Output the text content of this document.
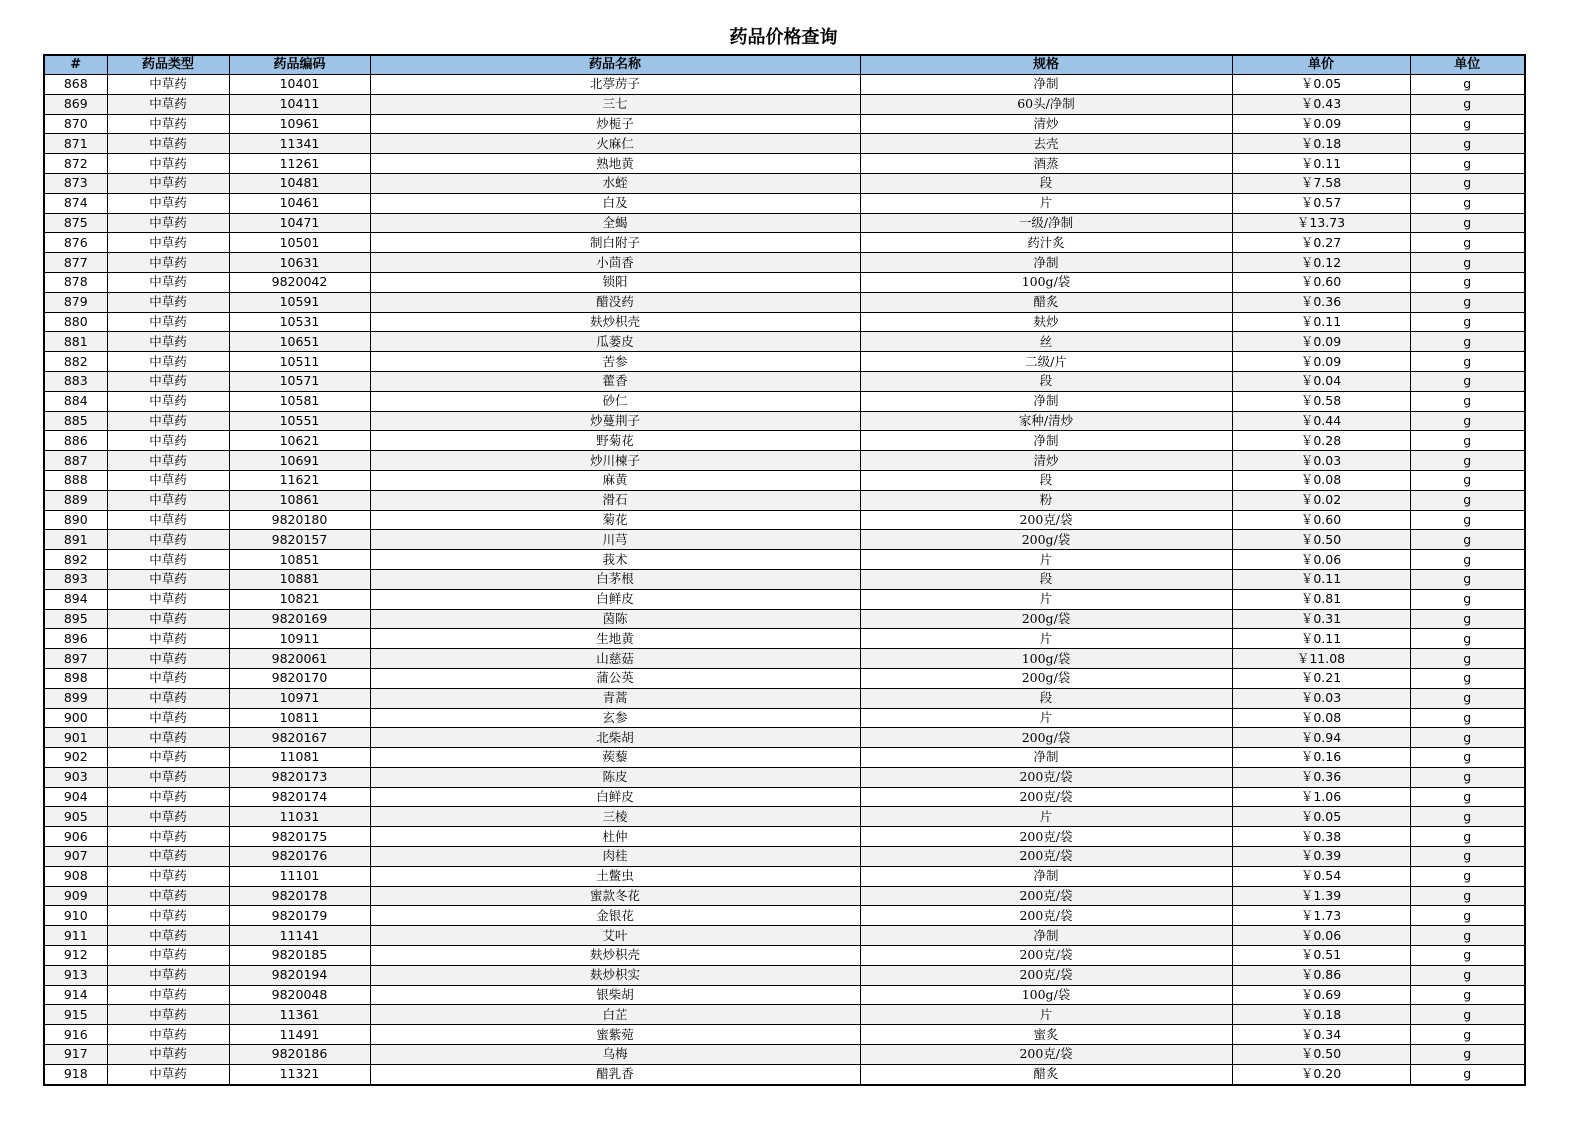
药品价格查询
#	药品类型	药品编码	药品名称	规格	单价	单位
868	中草药	10401	北葶苈子	净制	￥0.05	g
869	中草药	10411	三七	60头/净制	￥0.43	g
870	中草药	10961	炒栀子	清炒	￥0.09	g
871	中草药	11341	火麻仁	去壳	￥0.18	g
872	中草药	11261	熟地黄	酒蒸	￥0.11	g
873	中草药	10481	水蛭	段	￥7.58	g
874	中草药	10461	白及	片	￥0.57	g
875	中草药	10471	全蝎	一级/净制	￥13.73	g
876	中草药	10501	制白附子	药汁炙	￥0.27	g
877	中草药	10631	小茴香	净制	￥0.12	g
878	中草药	9820042	锁阳	100g/袋	￥0.60	g
879	中草药	10591	醋没药	醋炙	￥0.36	g
880	中草药	10531	麸炒枳壳	麸炒	￥0.11	g
881	中草药	10651	瓜蒌皮	丝	￥0.09	g
882	中草药	10511	苦参	二级/片	￥0.09	g
883	中草药	10571	藿香	段	￥0.04	g
884	中草药	10581	砂仁	净制	￥0.58	g
885	中草药	10551	炒蔓荆子	家种/清炒	￥0.44	g
886	中草药	10621	野菊花	净制	￥0.28	g
887	中草药	10691	炒川楝子	清炒	￥0.03	g
888	中草药	11621	麻黄	段	￥0.08	g
889	中草药	10861	滑石	粉	￥0.02	g
890	中草药	9820180	菊花	200克/袋	￥0.60	g
891	中草药	9820157	川芎	200g/袋	￥0.50	g
892	中草药	10851	莪术	片	￥0.06	g
893	中草药	10881	白茅根	段	￥0.11	g
894	中草药	10821	白鲜皮	片	￥0.81	g
895	中草药	9820169	茵陈	200g/袋	￥0.31	g
896	中草药	10911	生地黄	片	￥0.11	g
897	中草药	9820061	山慈菇	100g/袋	￥11.08	g
898	中草药	9820170	蒲公英	200g/袋	￥0.21	g
899	中草药	10971	青蒿	段	￥0.03	g
900	中草药	10811	玄参	片	￥0.08	g
901	中草药	9820167	北柴胡	200g/袋	￥0.94	g
902	中草药	11081	蒺藜	净制	￥0.16	g
903	中草药	9820173	陈皮	200克/袋	￥0.36	g
904	中草药	9820174	白鲜皮	200克/袋	￥1.06	g
905	中草药	11031	三棱	片	￥0.05	g
906	中草药	9820175	杜仲	200克/袋	￥0.38	g
907	中草药	9820176	肉桂	200克/袋	￥0.39	g
908	中草药	11101	土鳖虫	净制	￥0.54	g
909	中草药	9820178	蜜款冬花	200克/袋	￥1.39	g
910	中草药	9820179	金银花	200克/袋	￥1.73	g
911	中草药	11141	艾叶	净制	￥0.06	g
912	中草药	9820185	麸炒枳壳	200克/袋	￥0.51	g
913	中草药	9820194	麸炒枳实	200克/袋	￥0.86	g
914	中草药	9820048	银柴胡	100g/袋	￥0.69	g
915	中草药	11361	白芷	片	￥0.18	g
916	中草药	11491	蜜紫菀	蜜炙	￥0.34	g
917	中草药	9820186	乌梅	200克/袋	￥0.50	g
918	中草药	11321	醋乳香	醋炙	￥0.20	g
